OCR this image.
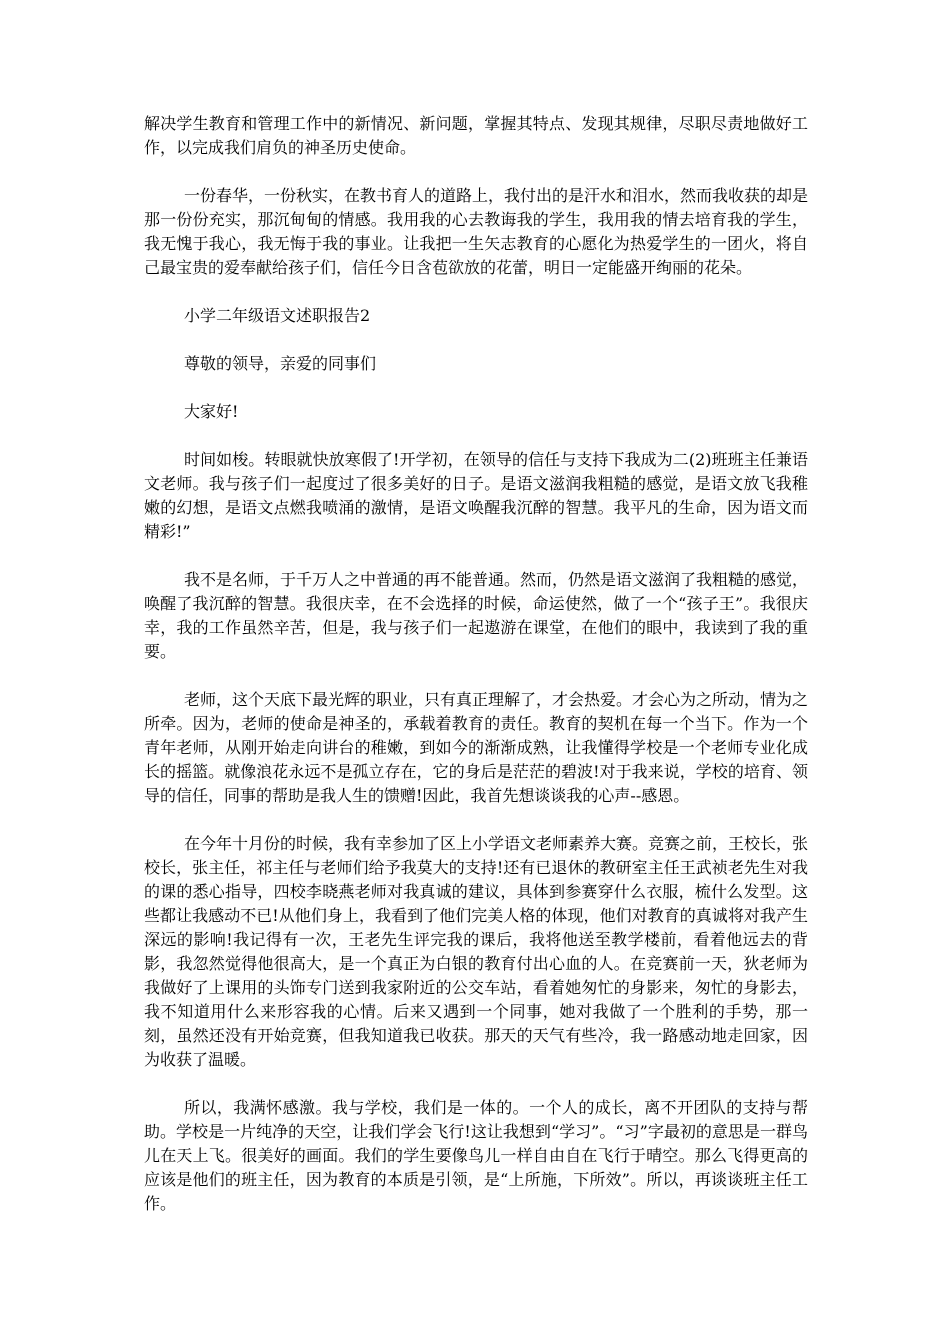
解决学生教育和管理工作中的新情况、新问题，掌握其特点、发现其规律，尽职尽责地做好工作，以完成我们肩负的神圣历史使命。

一份春华，一份秋实，在教书育人的道路上，我付出的是汗水和泪水，然而我收获的却是那一份份充实，那沉甸甸的情感。我用我的心去教诲我的学生，我用我的情去培育我的学生，我无愧于我心，我无悔于我的事业。让我把一生矢志教育的心愿化为热爱学生的一团火，将自己最宝贵的爱奉献给孩子们，信任今日含苞欲放的花蕾，明日一定能盛开绚丽的花朵。

小学二年级语文述职报告2

尊敬的领导，亲爱的同事们

大家好!

时间如梭。转眼就快放寒假了!开学初，在领导的信任与支持下我成为二(2)班班主任兼语文老师。我与孩子们一起度过了很多美好的日子。是语文滋润我粗糙的感觉，是语文放飞我稚嫩的幻想，是语文点燃我喷涌的激情，是语文唤醒我沉醉的智慧。我平凡的生命，因为语文而精彩!”

我不是名师，于千万人之中普通的再不能普通。然而，仍然是语文滋润了我粗糙的感觉，唤醒了我沉醉的智慧。我很庆幸，在不会选择的时候，命运使然，做了一个“孩子王”。我很庆幸，我的工作虽然辛苦，但是，我与孩子们一起遨游在课堂，在他们的眼中，我读到了我的重要。

老师，这个天底下最光辉的职业，只有真正理解了，才会热爱。才会心为之所动，情为之所牵。因为，老师的使命是神圣的，承载着教育的责任。教育的契机在每一个当下。作为一个青年老师，从刚开始走向讲台的稚嫩，到如今的渐渐成熟，让我懂得学校是一个老师专业化成长的摇篮。就像浪花永远不是孤立存在，它的身后是茫茫的碧波!对于我来说，学校的培育、领导的信任，同事的帮助是我人生的馈赠!因此，我首先想谈谈我的心声--感恩。

在今年十月份的时候，我有幸参加了区上小学语文老师素养大赛。竞赛之前，王校长，张校长，张主任，祁主任与老师们给予我莫大的支持!还有已退休的教研室主任王武祯老先生对我的课的悉心指导，四校李晓燕老师对我真诚的建议，具体到参赛穿什么衣服，梳什么发型。这些都让我感动不已!从他们身上，我看到了他们完美人格的体现，他们对教育的真诚将对我产生深远的影响!我记得有一次，王老先生评完我的课后，我将他送至教学楼前，看着他远去的背影，我忽然觉得他很高大，是一个真正为白银的教育付出心血的人。在竞赛前一天，狄老师为我做好了上课用的头饰专门送到我家附近的公交车站，看着她匆忙的身影来，匆忙的身影去，我不知道用什么来形容我的心情。后来又遇到一个同事，她对我做了一个胜利的手势，那一刻，虽然还没有开始竞赛，但我知道我已收获。那天的天气有些冷，我一路感动地走回家，因为收获了温暖。

所以，我满怀感激。我与学校，我们是一体的。一个人的成长，离不开团队的支持与帮助。学校是一片纯净的天空，让我们学会飞行!这让我想到“学习”。“习”字最初的意思是一群鸟儿在天上飞。很美好的画面。我们的学生要像鸟儿一样自由自在飞行于晴空。那么飞得更高的应该是他们的班主任，因为教育的本质是引领，是“上所施，下所效”。所以，再谈谈班主任工作。
